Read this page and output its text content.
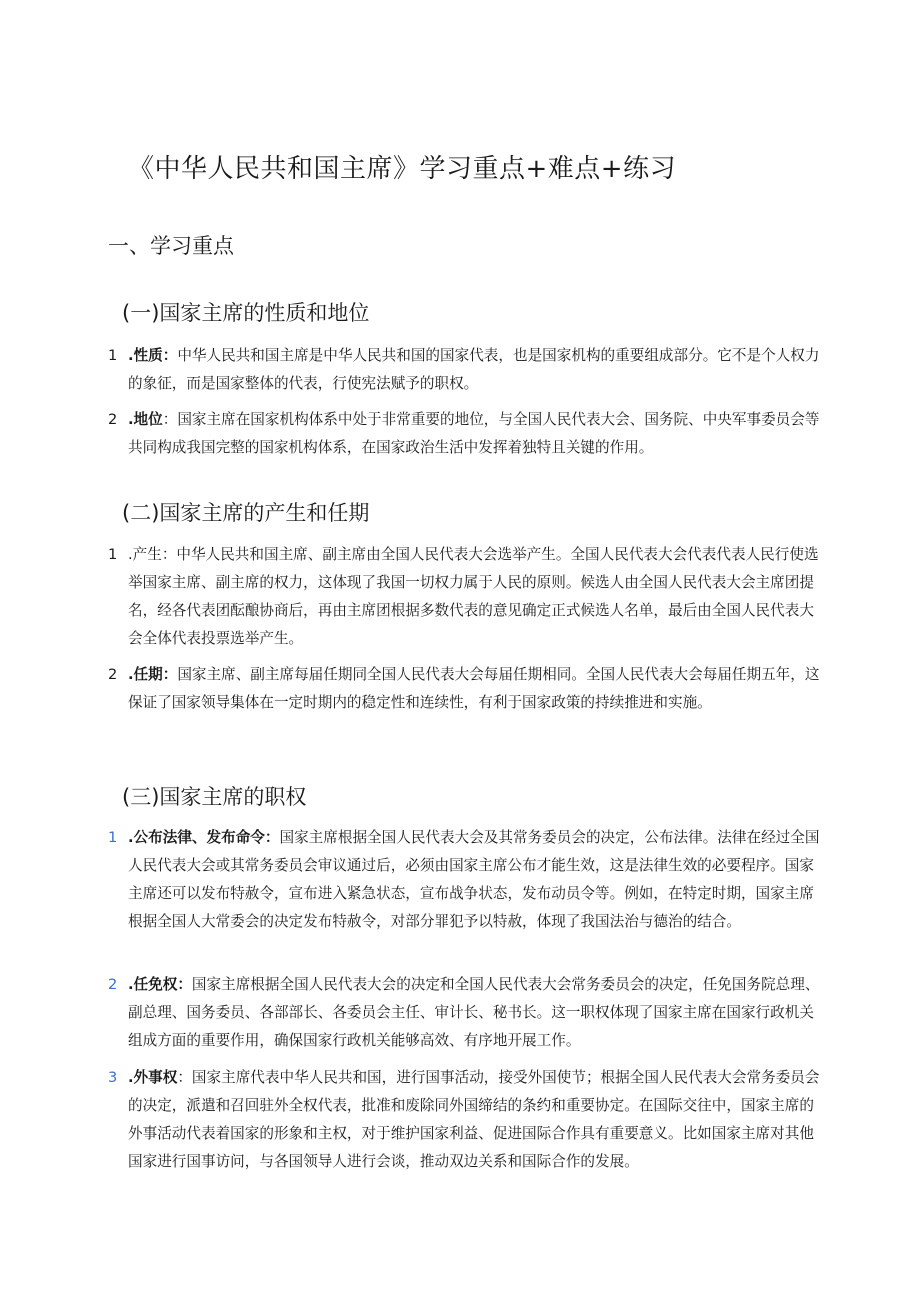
《中华人民共和国主席》学习重点+难点+练习
一、学习重点
(一)国家主席的性质和地位
1 .性质：中华人民共和国主席是中华人民共和国的国家代表，也是国家机构的重要组成部分。它不是个人权力的象征，而是国家整体的代表，行使宪法赋予的职权。
2 .地位：国家主席在国家机构体系中处于非常重要的地位，与全国人民代表大会、国务院、中央军事委员会等共同构成我国完整的国家机构体系，在国家政治生活中发挥着独特且关键的作用。
(二)国家主席的产生和任期
1 .产生：中华人民共和国主席、副主席由全国人民代表大会选举产生。全国人民代表大会代表代表人民行使选举国家主席、副主席的权力，这体现了我国一切权力属于人民的原则。候选人由全国人民代表大会主席团提名，经各代表团酝酿协商后，再由主席团根据多数代表的意见确定正式候选人名单，最后由全国人民代表大会全体代表投票选举产生。
2 .任期：国家主席、副主席每届任期同全国人民代表大会每届任期相同。全国人民代表大会每届任期五年，这保证了国家领导集体在一定时期内的稳定性和连续性，有利于国家政策的持续推进和实施。
(三)国家主席的职权
1 .公布法律、发布命令：国家主席根据全国人民代表大会及其常务委员会的决定，公布法律。法律在经过全国人民代表大会或其常务委员会审议通过后，必须由国家主席公布才能生效，这是法律生效的必要程序。国家主席还可以发布特赦令，宣布进入紧急状态，宣布战争状态，发布动员令等。例如，在特定时期，国家主席根据全国人大常委会的决定发布特赦令，对部分罪犯予以特赦，体现了我国法治与德治的结合。
2 .任免权：国家主席根据全国人民代表大会的决定和全国人民代表大会常务委员会的决定，任免国务院总理、副总理、国务委员、各部部长、各委员会主任、审计长、秘书长。这一职权体现了国家主席在国家行政机关组成方面的重要作用，确保国家行政机关能够高效、有序地开展工作。
3 .外事权：国家主席代表中华人民共和国，进行国事活动，接受外国使节；根据全国人民代表大会常务委员会的决定，派遣和召回驻外全权代表，批准和废除同外国缔结的条约和重要协定。在国际交往中，国家主席的外事活动代表着国家的形象和主权，对于维护国家利益、促进国际合作具有重要意义。比如国家主席对其他国家进行国事访问，与各国领导人进行会谈，推动双边关系和国际合作的发展。
